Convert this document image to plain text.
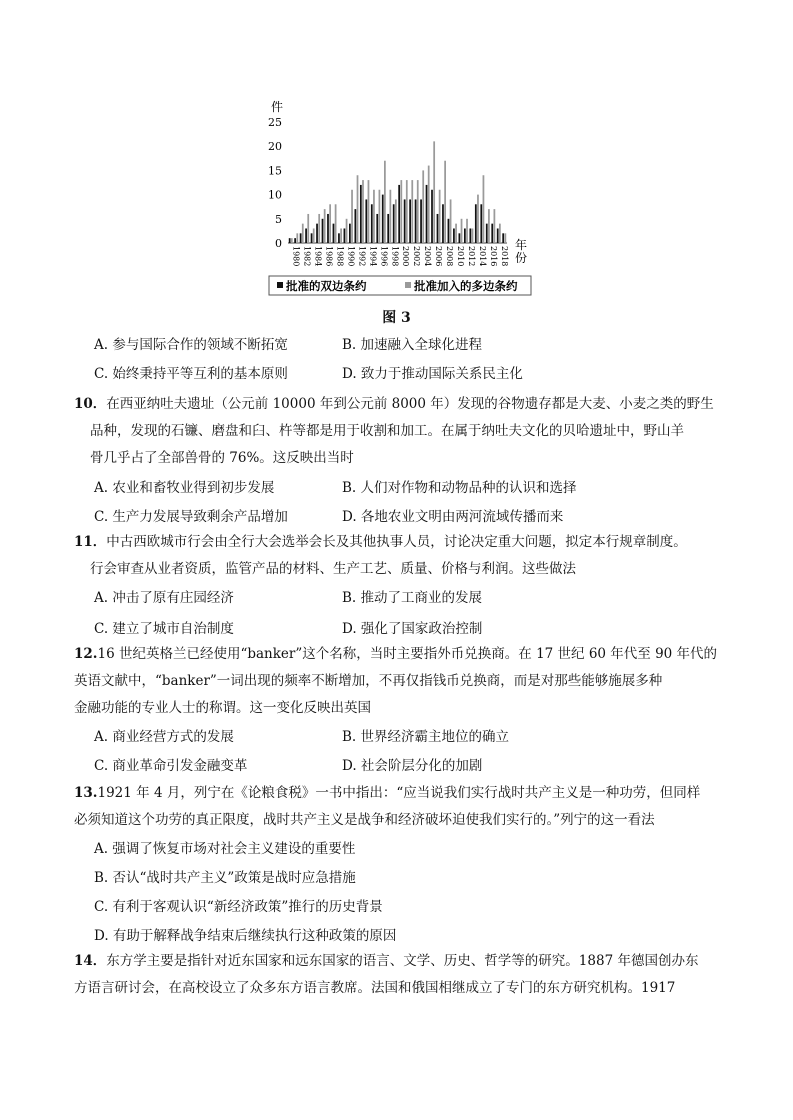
件
0
5
10
15
20
25
1980 1982 1984 1986 1988 1990 1992 1994 1996 1998 2000 2002 2004 2006 2008 2010 2012 2014 2016 2018
年
份
批准的双边条约	批准加入的多边条约
图 3
A. 参与国际合作的领域不断拓宽	B. 加速融入全球化进程
C. 始终秉持平等互利的基本原则	D. 致力于推动国际关系民主化

10．在西亚纳吐夫遗址（公元前 10000 年到公元前 8000 年）发现的谷物遗存都是大麦、小麦之类的野生

品种，发现的石镰、磨盘和臼、杵等都是用于收割和加工。在属于纳吐夫文化的贝哈遗址中，野山羊

骨几乎占了全部兽骨的 76%。这反映出当时

A. 农业和畜牧业得到初步发展	B. 人们对作物和动物品种的认识和选择
C. 生产力发展导致剩余产品增加	D. 各地农业文明由两河流域传播而来

11．中古西欧城市行会由全行大会选举会长及其他执事人员，讨论决定重大问题，拟定本行规章制度。

行会审查从业者资质，监管产品的材料、生产工艺、质量、价格与利润。这些做法

A. 冲击了原有庄园经济	B. 推动了工商业的发展
C. 建立了城市自治制度	D. 强化了国家政治控制

12.16 世纪英格兰已经使用“banker”这个名称，当时主要指外币兑换商。在 17 世纪 60 年代至 90 年代的

英语文献中，“banker”一词出现的频率不断增加，不再仅指钱币兑换商，而是对那些能够施展多种

金融功能的专业人士的称谓。这一变化反映出英国

A. 商业经营方式的发展	B. 世界经济霸主地位的确立
C. 商业革命引发金融变革	D. 社会阶层分化的加剧

13.1921 年 4 月，列宁在《论粮食税》一书中指出：“应当说我们实行战时共产主义是一种功劳，但同样

必须知道这个功劳的真正限度，战时共产主义是战争和经济破坏迫使我们实行的。”列宁的这一看法

A. 强调了恢复市场对社会主义建设的重要性
B. 否认“战时共产主义”政策是战时应急措施
C. 有利于客观认识“新经济政策”推行的历史背景
D. 有助于解释战争结束后继续执行这种政策的原因

14．东方学主要是指针对近东国家和远东国家的语言、文学、历史、哲学等的研究。1887 年德国创办东

方语言研讨会，在高校设立了众多东方语言教席。法国和俄国相继成立了专门的东方研究机构。1917
